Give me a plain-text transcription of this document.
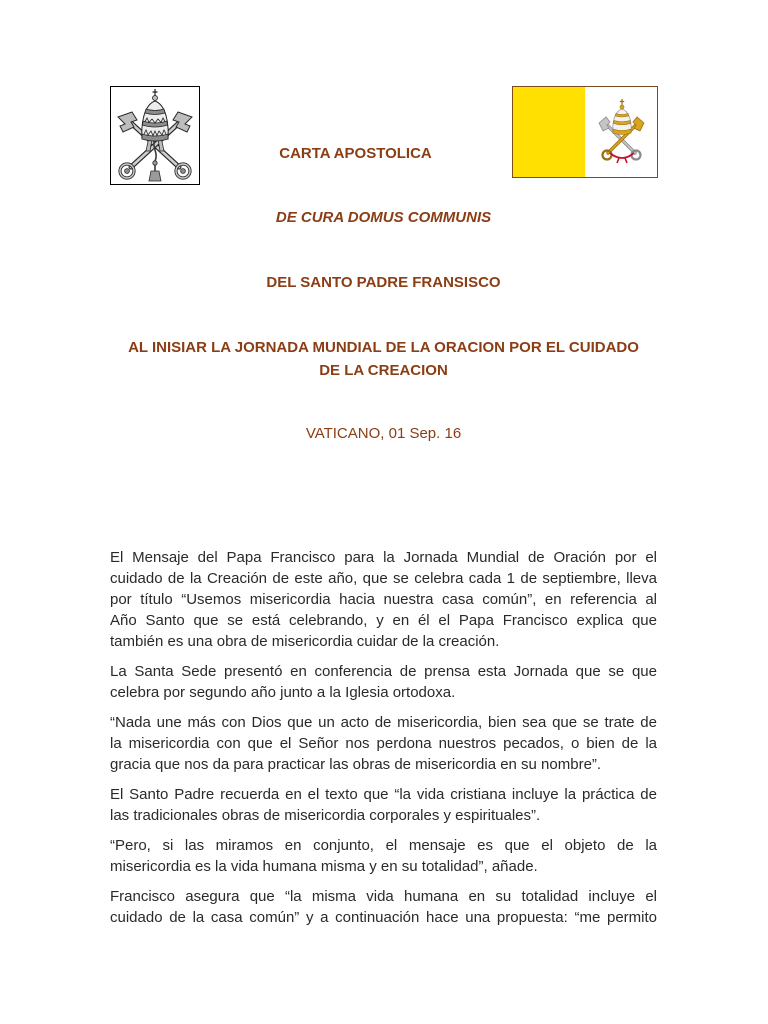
CARTA APOSTOLICA
DE CURA DOMUS COMMUNIS
DEL SANTO PADRE FRANSISCO
AL INISIAR LA JORNADA MUNDIAL DE LA ORACION POR EL CUIDADO
DE LA CREACION
VATICANO, 01 Sep. 16
El Mensaje del Papa Francisco para la Jornada Mundial de Oración por el
cuidado de la Creación de este año, que se celebra cada 1 de septiembre, lleva
por título “Usemos misericordia hacia nuestra casa común”, en referencia al
Año Santo que se está celebrando, y en él el Papa Francisco explica que
también es una obra de misericordia cuidar de la creación.
La Santa Sede presentó en conferencia de prensa esta Jornada que se que
celebra por segundo año junto a la Iglesia ortodoxa.
“Nada une más con Dios que un acto de misericordia, bien sea que se trate de
la misericordia con que el Señor nos perdona nuestros pecados, o bien de la
gracia que nos da para practicar las obras de misericordia en su nombre”.
El Santo Padre recuerda en el texto que “la vida cristiana incluye la práctica de
las tradicionales obras de misericordia corporales y espirituales”.
“Pero, si las miramos en conjunto, el mensaje es que el objeto de la
misericordia es la vida humana misma y en su totalidad”, añade.
Francisco asegura que “la misma vida humana en su totalidad incluye el
cuidado de la casa común” y a continuación hace una propuesta: “me permito
